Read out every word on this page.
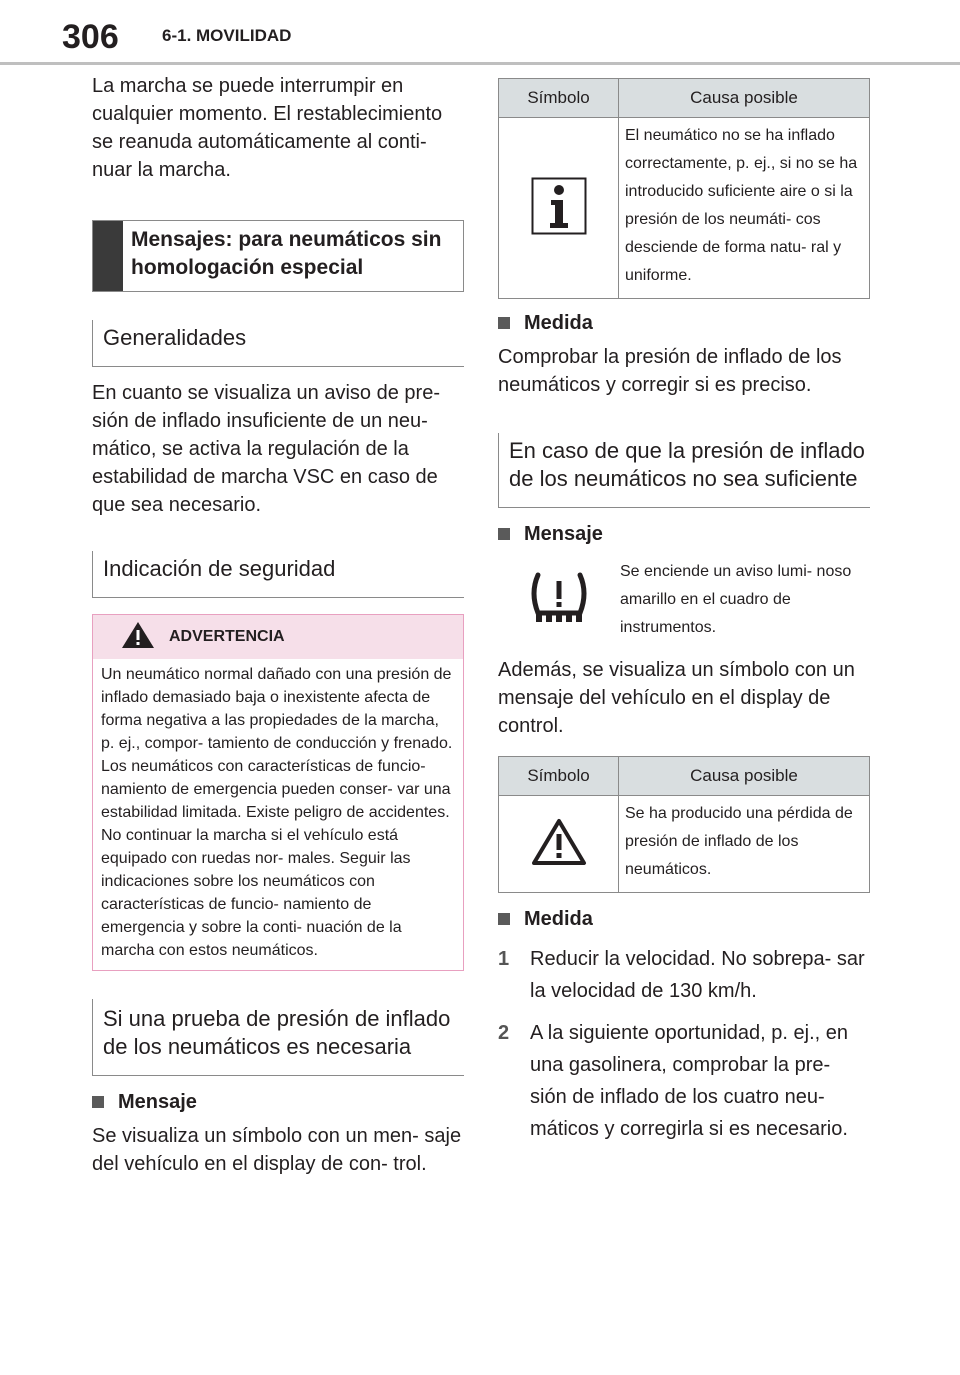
306	6-1. MOVILIDAD

La marcha se puede interrumpir en cualquier momento. El restablecimiento se reanuda automáticamente al conti- nuar la marcha.

Mensajes: para neumáticos sin homologación especial
Generalidades

En cuanto se visualiza un aviso de pre- sión de inflado insuficiente de un neu- mático, se activa la regulación de la estabilidad de marcha VSC en caso de que sea necesario.

Indicación de seguridad
ADVERTENCIA
Un neumático normal dañado con una presión de inflado demasiado baja o inexistente afecta de forma negativa a las propiedades de la marcha, p. ej., compor- tamiento de conducción y frenado. Los neumáticos con características de funcio- namiento de emergencia pueden conser- var una estabilidad limitada. Existe peligro de accidentes. No continuar la marcha si el vehículo está equipado con ruedas nor- males. Seguir las indicaciones sobre los neumáticos con características de funcio- namiento de emergencia y sobre la conti- nuación de la marcha con estos neumáticos.
Si una prueba de presión de inflado de los neumáticos es necesaria
Mensaje

Se visualiza un símbolo con un men- saje del vehículo en el display de con- trol.

Símbolo	Causa posible
	El neumático no se ha inflado correctamente, p. ej., si no se ha introducido suficiente aire o si la presión de los neumáti- cos desciende de forma natu- ral y uniforme.
Medida

Comprobar la presión de inflado de los neumáticos y corregir si es preciso.

En caso de que la presión de inflado de los neumáticos no sea suficiente
Mensaje
Se enciende un aviso lumi- noso amarillo en el cuadro de instrumentos.

Además, se visualiza un símbolo con un mensaje del vehículo en el display de control.

Símbolo	Causa posible
	Se ha producido una pérdida de presión de inflado de los neumáticos.
Medida
1	Reducir la velocidad. No sobrepa- sar la velocidad de 130 km/h.
2	A la siguiente oportunidad, p. ej., en una gasolinera, comprobar la pre- sión de inflado de los cuatro neu- máticos y corregirla si es necesario.
